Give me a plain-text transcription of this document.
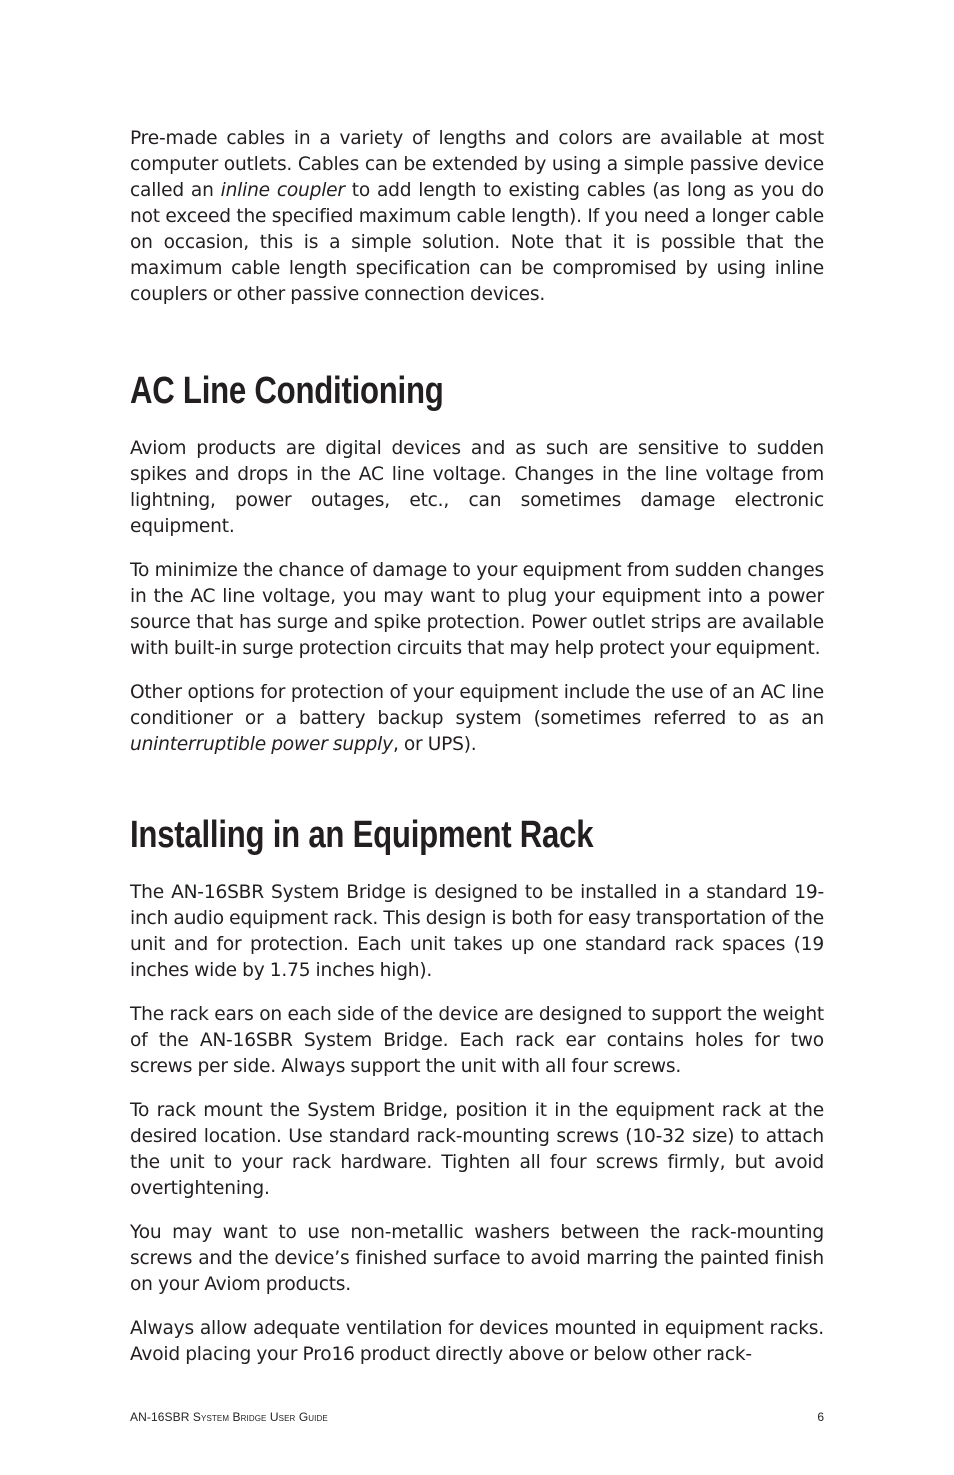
Pre-made cables in a variety of lengths and colors are available at most computer outlets. Cables can be extended by using a simple passive device called an inline coupler to add length to existing cables (as long as you do not exceed the specified maximum cable length). If you need a longer cable on occasion, this is a simple solution. Note that it is possible that the maximum cable length specification can be compromised by using inline couplers or other passive connection devices.

AC Line Conditioning

Aviom products are digital devices and as such are sensitive to sudden spikes and drops in the AC line voltage. Changes in the line voltage from lightning, power outages, etc., can sometimes damage electronic equipment.

To minimize the chance of damage to your equipment from sudden changes in the AC line voltage, you may want to plug your equipment into a power source that has surge and spike protection. Power outlet strips are available with built-in surge protection circuits that may help protect your equipment.

Other options for protection of your equipment include the use of an AC line conditioner or a battery backup system (sometimes referred to as an uninterruptible power supply, or UPS).

Installing in an Equipment Rack

The AN-16SBR System Bridge is designed to be installed in a standard 19-inch audio equipment rack. This design is both for easy transportation of the unit and for protection. Each unit takes up one standard rack spaces (19 inches wide by 1.75 inches high).

The rack ears on each side of the device are designed to support the weight of the AN-16SBR System Bridge. Each rack ear contains holes for two screws per side. Always support the unit with all four screws.

To rack mount the System Bridge, position it in the equipment rack at the desired location. Use standard rack-mounting screws (10-32 size) to attach the unit to your rack hardware. Tighten all four screws firmly, but avoid overtightening.

You may want to use non-metallic washers between the rack-mounting screws and the device’s finished surface to avoid marring the painted finish on your Aviom products.

Always allow adequate ventilation for devices mounted in equipment racks. Avoid placing your Pro16 product directly above or below other rack-

AN-16SBR System Bridge User Guide	6
